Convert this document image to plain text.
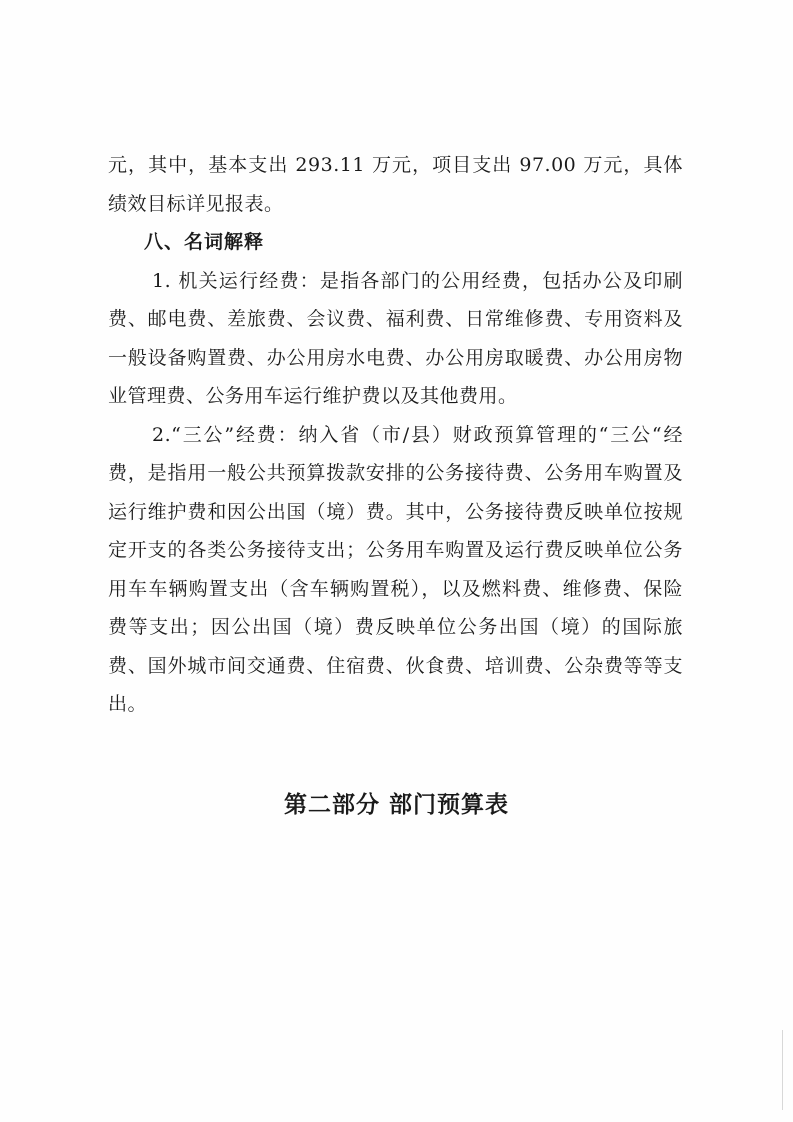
元，其中，基本支出 293.11 万元，项目支出 97.00 万元，具体绩效目标详见报表。

八、名词解释

1. 机关运行经费：是指各部门的公用经费，包括办公及印刷费、邮电费、差旅费、会议费、福利费、日常维修费、专用资料及一般设备购置费、办公用房水电费、办公用房取暖费、办公用房物业管理费、公务用车运行维护费以及其他费用。

2.“三公”经费：纳入省（市/县）财政预算管理的“三公“经费，是指用一般公共预算拨款安排的公务接待费、公务用车购置及运行维护费和因公出国（境）费。其中，公务接待费反映单位按规定开支的各类公务接待支出；公务用车购置及运行费反映单位公务用车车辆购置支出（含车辆购置税），以及燃料费、维修费、保险费等支出；因公出国（境）费反映单位公务出国（境）的国际旅费、国外城市间交通费、住宿费、伙食费、培训费、公杂费等等支出。

第二部分 部门预算表
